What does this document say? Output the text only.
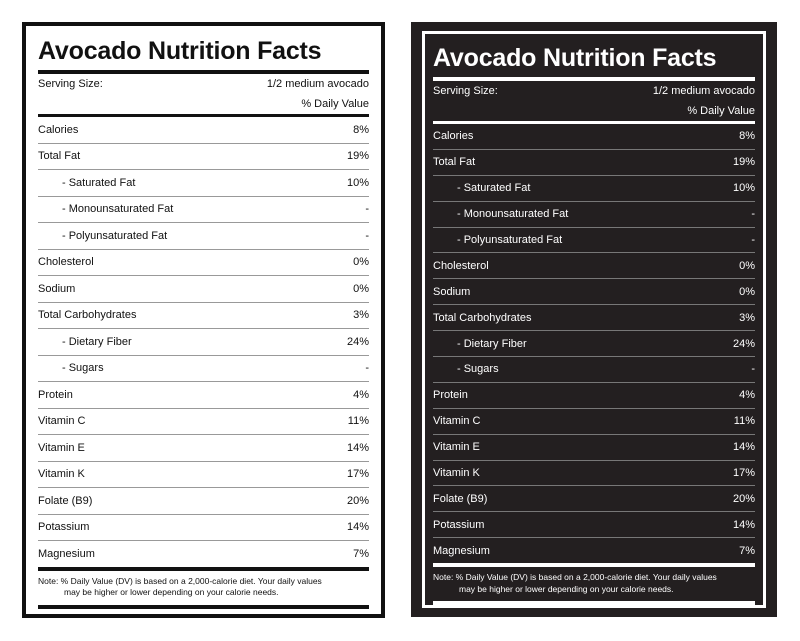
Avocado Nutrition Facts
Serving Size:	1/2 medium avocado
% Daily Value
Calories	8%
Total Fat	19%
- Saturated Fat	10%
- Monounsaturated Fat	-
- Polyunsaturated Fat	-
Cholesterol	0%
Sodium	0%
Total Carbohydrates	3%
- Dietary Fiber	24%
- Sugars	-
Protein	4%
Vitamin C	11%
Vitamin E	14%
Vitamin K	17%
Folate (B9)	20%
Potassium	14%
Magnesium	7%
Note: % Daily Value (DV) is based on a 2,000-calorie diet. Your daily values
may be higher or lower depending on your calorie needs.
Avocado Nutrition Facts
Serving Size:	1/2 medium avocado
% Daily Value
Calories	8%
Total Fat	19%
- Saturated Fat	10%
- Monounsaturated Fat	-
- Polyunsaturated Fat	-
Cholesterol	0%
Sodium	0%
Total Carbohydrates	3%
- Dietary Fiber	24%
- Sugars	-
Protein	4%
Vitamin C	11%
Vitamin E	14%
Vitamin K	17%
Folate (B9)	20%
Potassium	14%
Magnesium	7%
Note: % Daily Value (DV) is based on a 2,000-calorie diet. Your daily values
may be higher or lower depending on your calorie needs.
